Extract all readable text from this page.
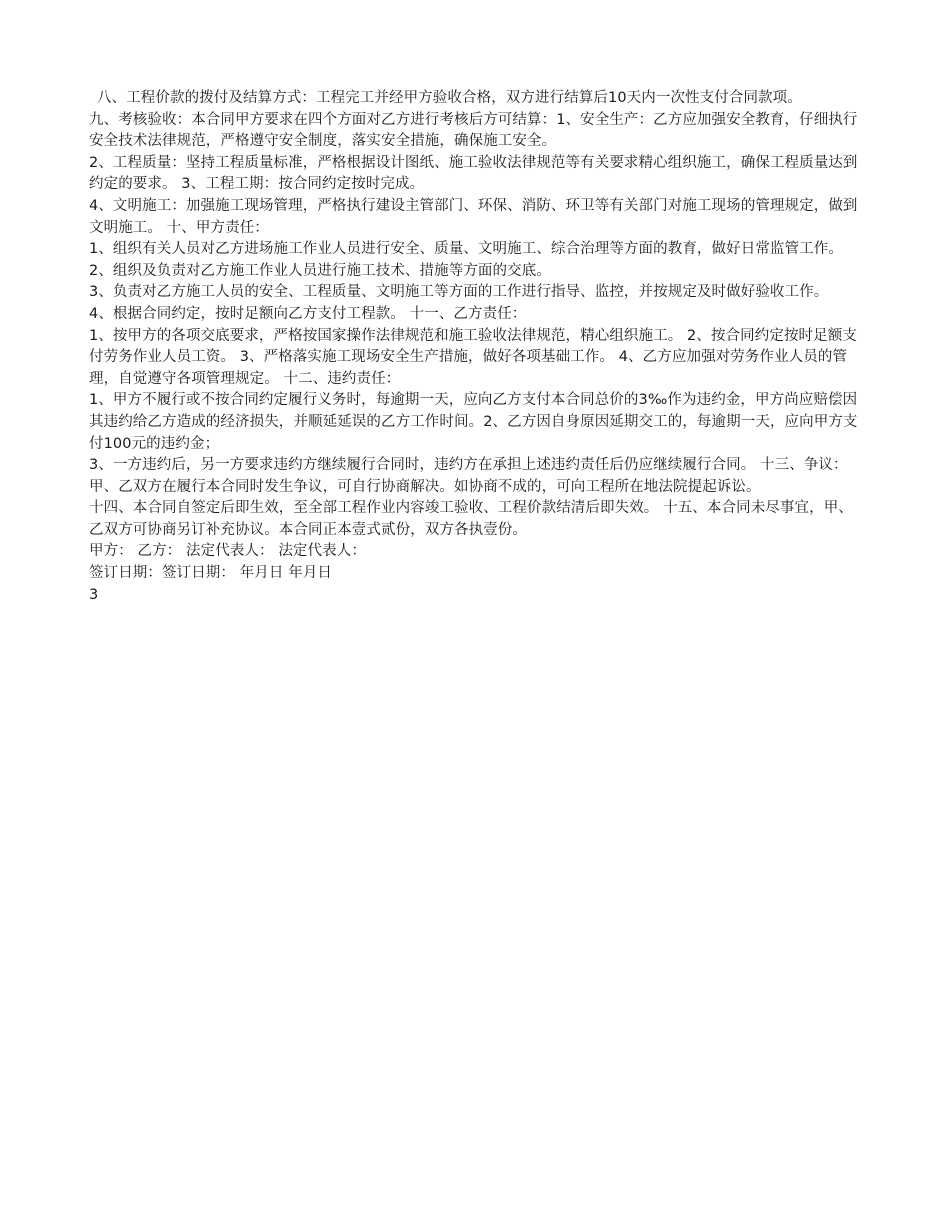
八、工程价款的拨付及结算方式：工程完工并经甲方验收合格，双方进行结算后10天内一次性支付合同款项。

九、考核验收：本合同甲方要求在四个方面对乙方进行考核后方可结算：1、安全生产：乙方应加强安全教育，仔细执行安全技术法律规范，严格遵守安全制度，落实安全措施，确保施工安全。

2、工程质量：坚持工程质量标准，严格根据设计图纸、施工验收法律规范等有关要求精心组织施工，确保工程质量达到约定的要求。 3、工程工期：按合同约定按时完成。

4、文明施工：加强施工现场管理，严格执行建设主管部门、环保、消防、环卫等有关部门对施工现场的管理规定，做到文明施工。 十、甲方责任：

1、组织有关人员对乙方进场施工作业人员进行安全、质量、文明施工、综合治理等方面的教育，做好日常监管工作。

2、组织及负责对乙方施工作业人员进行施工技术、措施等方面的交底。

3、负责对乙方施工人员的安全、工程质量、文明施工等方面的工作进行指导、监控，并按规定及时做好验收工作。

4、根据合同约定，按时足额向乙方支付工程款。 十一、乙方责任：

1、按甲方的各项交底要求，严格按国家操作法律规范和施工验收法律规范，精心组织施工。 2、按合同约定按时足额支付劳务作业人员工资。 3、严格落实施工现场安全生产措施，做好各项基础工作。 4、乙方应加强对劳务作业人员的管理，自觉遵守各项管理规定。 十二、违约责任：

1、甲方不履行或不按合同约定履行义务时，每逾期一天，应向乙方支付本合同总价的3‰作为违约金，甲方尚应赔偿因其违约给乙方造成的经济损失，并顺延延误的乙方工作时间。2、乙方因自身原因延期交工的，每逾期一天，应向甲方支付100元的违约金；

3、一方违约后，另一方要求违约方继续履行合同时，违约方在承担上述违约责任后仍应继续履行合同。 十三、争议：

甲、乙双方在履行本合同时发生争议，可自行协商解决。如协商不成的，可向工程所在地法院提起诉讼。

十四、本合同自签定后即生效，至全部工程作业内容竣工验收、工程价款结清后即失效。 十五、本合同未尽事宜，甲、乙双方可协商另订补充协议。本合同正本壹式贰份，双方各执壹份。

甲方： 乙方： 法定代表人： 法定代表人：

签订日期：签订日期： 年月日 年月日

3
